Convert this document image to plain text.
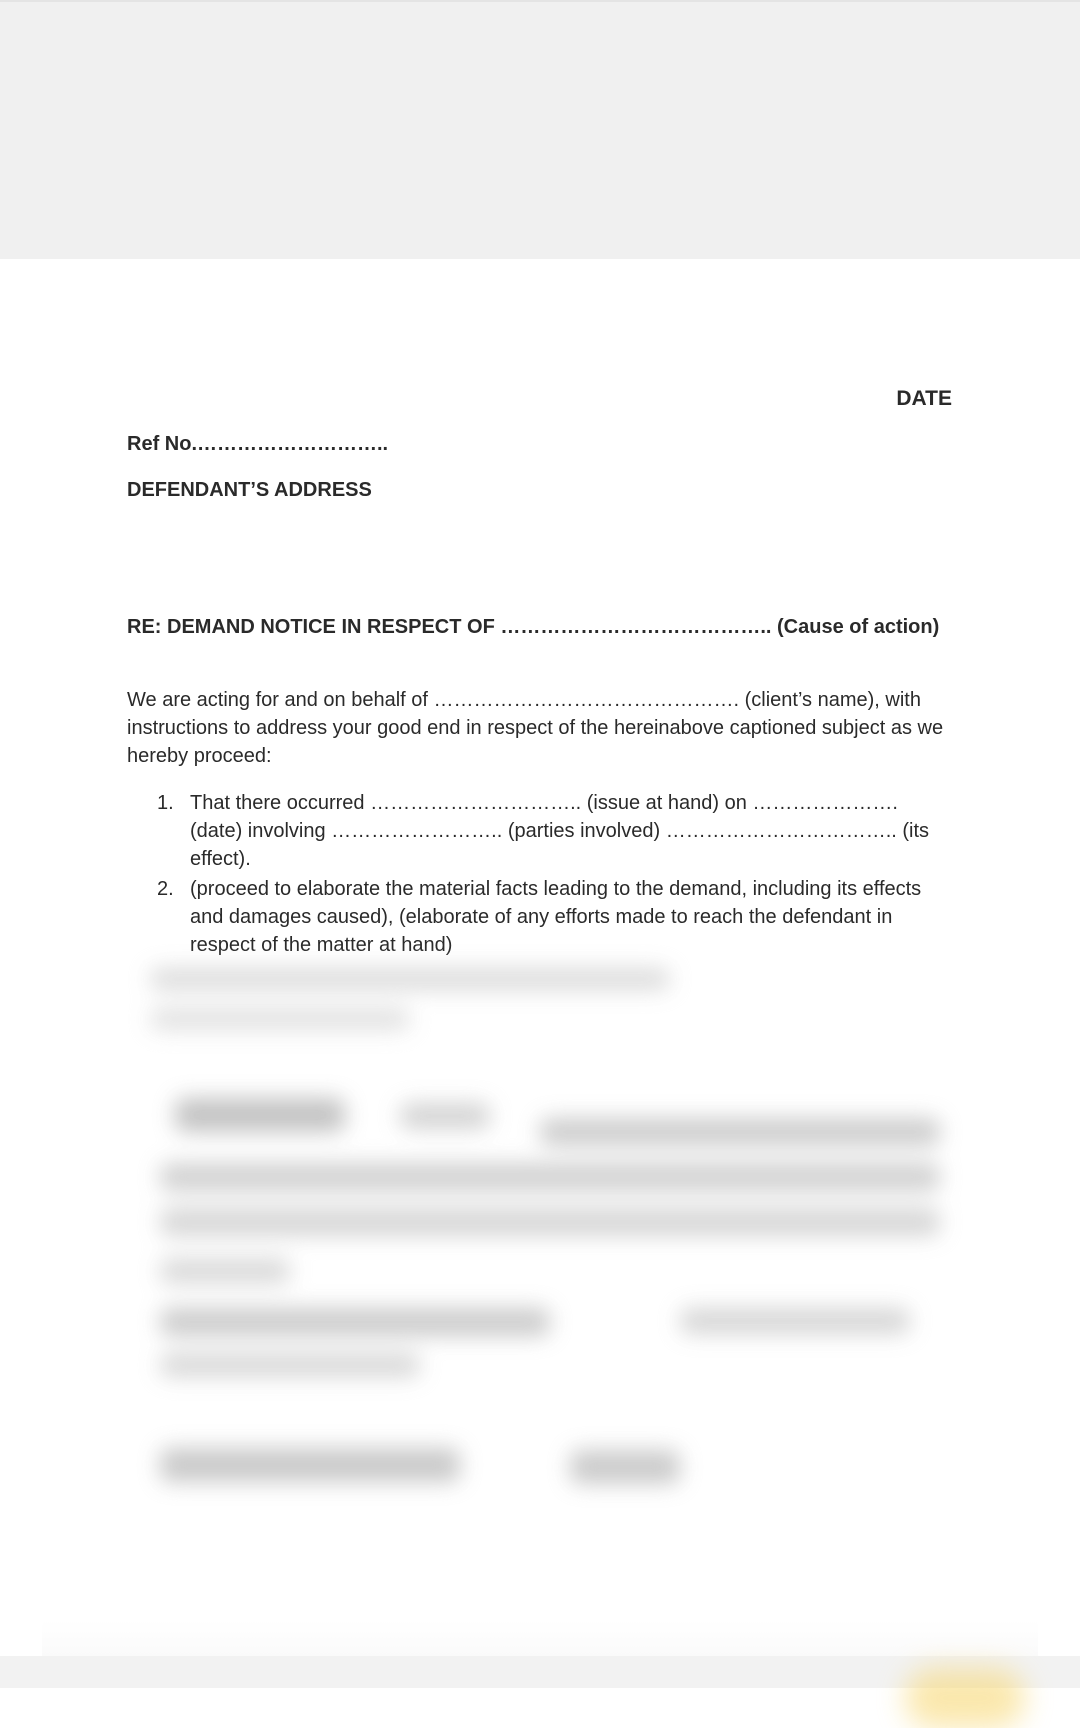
DATE
Ref No.………………………..
DEFENDANT’S ADDRESS
RE: DEMAND NOTICE IN RESPECT OF ………………………………….. (Cause of action)
We are acting for and on behalf of ………………………………………. (client’s name), with instructions to address your good end in respect of the hereinabove captioned subject as we hereby proceed:
1. That there occurred ………………………….. (issue at hand) on …………………. (date) involving …………………….. (parties involved) …………………………….. (its effect).
2. (proceed to elaborate the material facts leading to the demand, including its effects and damages caused), (elaborate of any efforts made to reach the defendant in respect of the matter at hand)
